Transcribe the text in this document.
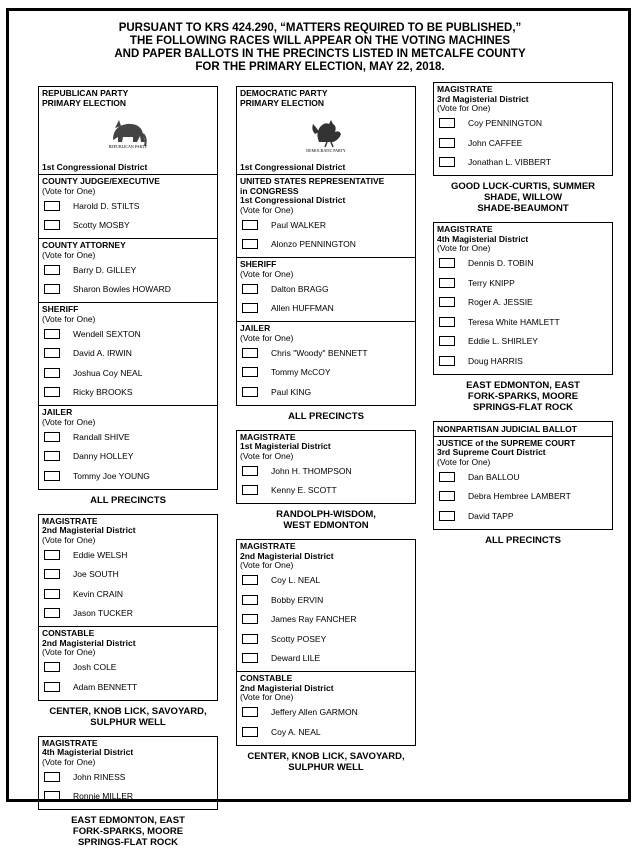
PURSUANT TO KRS 424.290, “MATTERS REQUIRED TO BE PUBLISHED,”
THE FOLLOWING RACES WILL APPEAR ON THE VOTING MACHINES
AND PAPER BALLOTS IN THE PRECINCTS LISTED IN METCALFE COUNTY
FOR THE PRIMARY ELECTION, MAY 22, 2018.
REPUBLICAN PARTY
PRIMARY ELECTION
REPUBLICAN PARTY
1st Congressional District
COUNTY JUDGE/EXECUTIVE
(Vote for One)
Harold D. STILTS
Scotty MOSBY
COUNTY ATTORNEY
(Vote for One)
Barry D. GILLEY
Sharon Bowles HOWARD
SHERIFF
(Vote for One)
Wendell SEXTON
David A. IRWIN
Joshua Coy NEAL
Ricky BROOKS
JAILER
(Vote for One)
Randall SHIVE
Danny HOLLEY
Tommy Joe YOUNG
ALL PRECINCTS
MAGISTRATE
2nd Magisterial District
(Vote for One)
Eddie WELSH
Joe SOUTH
Kevin CRAIN
Jason TUCKER
CONSTABLE
2nd Magisterial District
(Vote for One)
Josh COLE
Adam BENNETT
CENTER, KNOB LICK, SAVOYARD,
SULPHUR WELL
MAGISTRATE
4th Magisterial District
(Vote for One)
John RINESS
Ronnie MILLER
EAST EDMONTON, EAST
FORK-SPARKS, MOORE
SPRINGS-FLAT ROCK
DEMOCRATIC PARTY
PRIMARY ELECTION
DEMOCRATIC PARTY
1st Congressional District
UNITED STATES REPRESENTATIVE
in CONGRESS
1st Congressional District
(Vote for One)
Paul WALKER
Alonzo PENNINGTON
SHERIFF
(Vote for One)
Dalton BRAGG
Allen HUFFMAN
JAILER
(Vote for One)
Chris "Woody" BENNETT
Tommy McCOY
Paul KING
ALL PRECINCTS
MAGISTRATE
1st Magisterial District
(Vote for One)
John H. THOMPSON
Kenny E. SCOTT
RANDOLPH-WISDOM,
WEST EDMONTON
MAGISTRATE
2nd Magisterial District
(Vote for One)
Coy L. NEAL
Bobby ERVIN
James Ray FANCHER
Scotty POSEY
Deward LILE
CONSTABLE
2nd Magisterial District
(Vote for One)
Jeffery Allen GARMON
Coy A. NEAL
CENTER, KNOB LICK, SAVOYARD,
SULPHUR WELL
MAGISTRATE
3rd Magisterial District
(Vote for One)
Coy PENNINGTON
John CAFFEE
Jonathan L. VIBBERT
GOOD LUCK-CURTIS, SUMMER
SHADE, WILLOW
SHADE-BEAUMONT
MAGISTRATE
4th Magisterial District
(Vote for One)
Dennis D. TOBIN
Terry KNIPP
Roger A. JESSIE
Teresa White HAMLETT
Eddie L. SHIRLEY
Doug HARRIS
EAST EDMONTON, EAST
FORK-SPARKS, MOORE
SPRINGS-FLAT ROCK
NONPARTISAN JUDICIAL BALLOT
JUSTICE of the SUPREME COURT
3rd Supreme Court District
(Vote for One)
Dan BALLOU
Debra Hembree LAMBERT
David TAPP
ALL PRECINCTS
